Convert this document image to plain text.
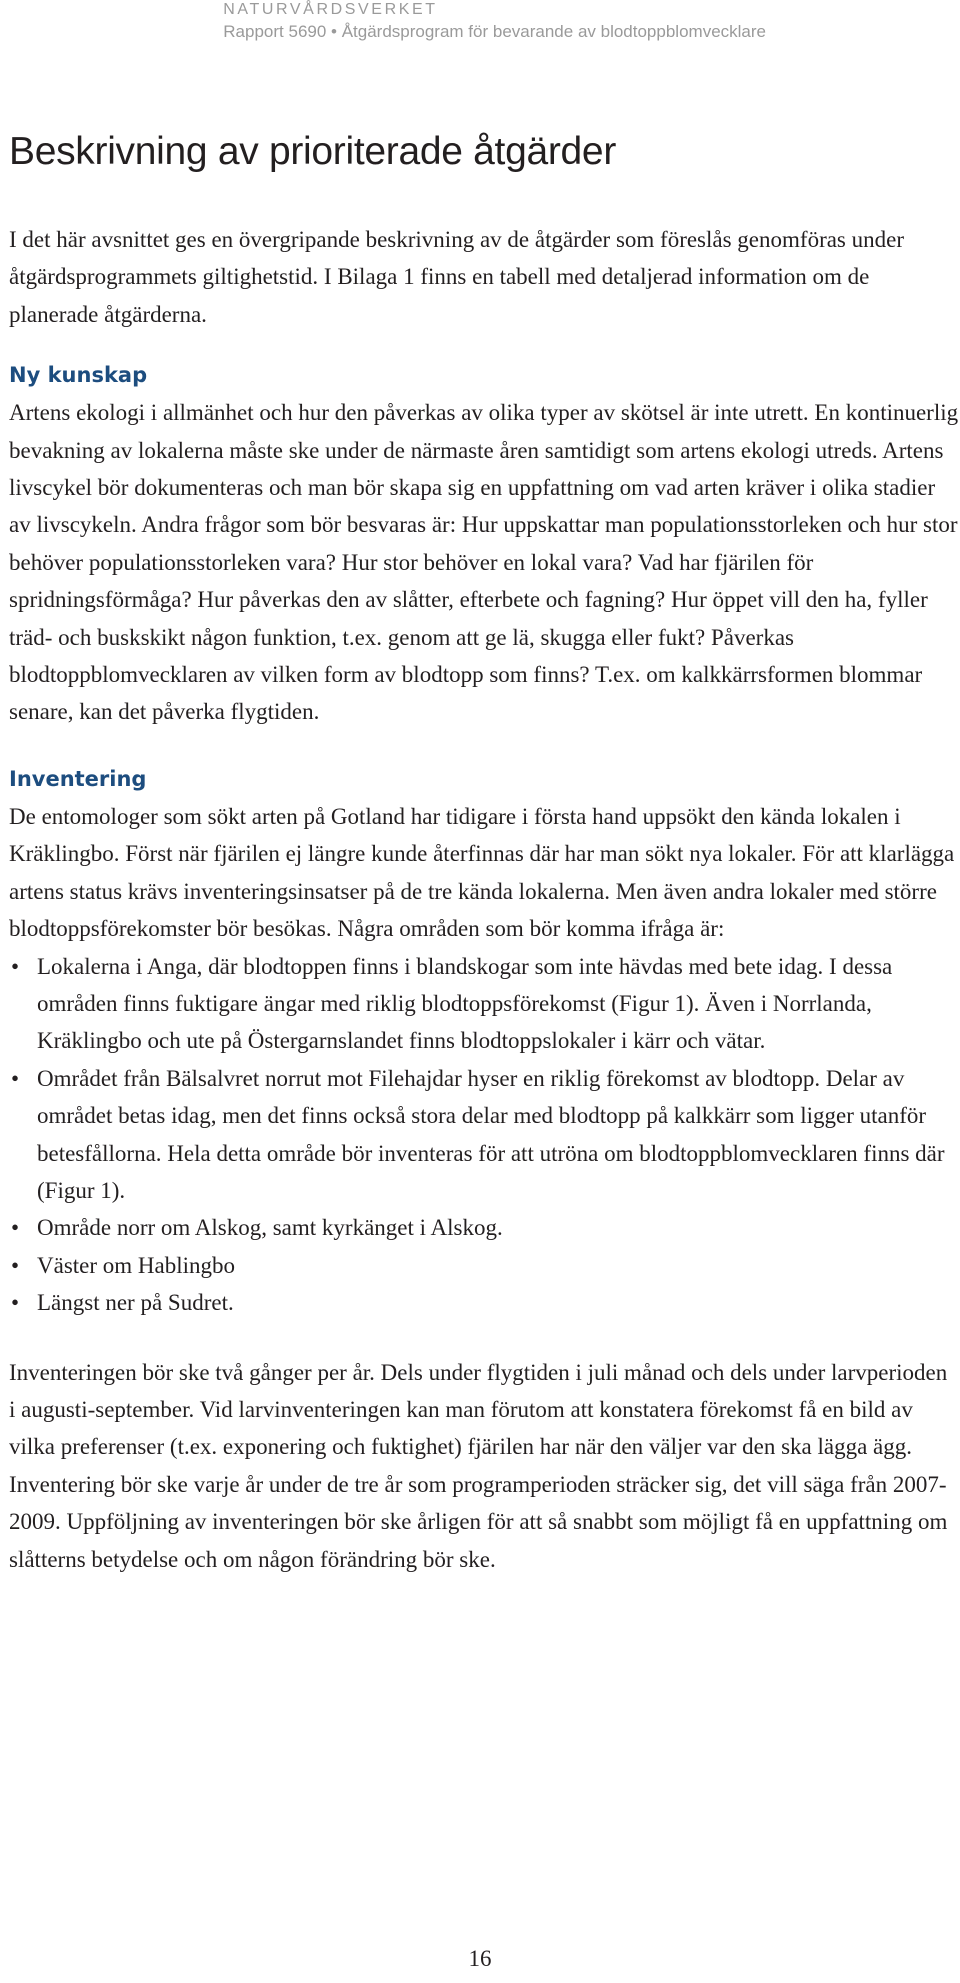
NATURVÅRDSVERKET
Rapport 5690 • Åtgärdsprogram för bevarande av blodtoppblomvecklare
Beskrivning av prioriterade åtgärder

I det här avsnittet ges en övergripande beskrivning av de åtgärder som föreslås genomföras under åtgärdsprogrammets giltighetstid. I Bilaga 1 finns en tabell med detaljerad information om de planerade åtgärderna.

Ny kunskap

Artens ekologi i allmänhet och hur den påverkas av olika typer av skötsel är inte utrett. En kontinuerlig bevakning av lokalerna måste ske under de närmaste åren samtidigt som artens ekologi utreds. Artens livscykel bör dokumenteras och man bör skapa sig en uppfattning om vad arten kräver i olika stadier av livscykeln. Andra frågor som bör besvaras är: Hur uppskattar man populationsstorleken och hur stor behöver populationsstorleken vara? Hur stor behöver en lokal vara? Vad har fjärilen för spridningsförmåga? Hur påverkas den av slåtter, efterbete och fagning? Hur öppet vill den ha, fyller träd- och buskskikt någon funktion, t.ex. genom att ge lä, skugga eller fukt? Påverkas blodtoppblomvecklaren av vilken form av blodtopp som finns? T.ex. om kalkkärrsformen blommar senare, kan det påverka flygtiden.

Inventering

De entomologer som sökt arten på Gotland har tidigare i första hand uppsökt den kända lokalen i Kräklingbo. Först när fjärilen ej längre kunde återfinnas där har man sökt nya lokaler. För att klarlägga artens status krävs inventeringsinsatser på de tre kända lokalerna. Men även andra lokaler med större blodtoppsförekomster bör besökas. Några områden som bör komma ifråga är:

• Lokalerna i Anga, där blodtoppen finns i blandskogar som inte hävdas med bete idag. I dessa områden finns fuktigare ängar med riklig blodtoppsförekomst (Figur 1). Även i Norrlanda, Kräklingbo och ute på Östergarnslandet finns blodtoppslokaler i kärr och vätar.
• Området från Bälsalvret norrut mot Filehajdar hyser en riklig förekomst av blodtopp. Delar av området betas idag, men det finns också stora delar med blodtopp på kalkkärr som ligger utanför betesfållorna. Hela detta område bör inventeras för att utröna om blodtoppblomvecklaren finns där (Figur 1).
• Område norr om Alskog, samt kyrkänget i Alskog.
• Väster om Hablingbo
• Längst ner på Sudret.

Inventeringen bör ske två gånger per år. Dels under flygtiden i juli månad och dels under larvperioden i augusti-september. Vid larvinventeringen kan man förutom att konstatera förekomst få en bild av vilka preferenser (t.ex. exponering och fuktighet) fjärilen har när den väljer var den ska lägga ägg. Inventering bör ske varje år under de tre år som programperioden sträcker sig, det vill säga från 2007-2009. Uppföljning av inventeringen bör ske årligen för att så snabbt som möjligt få en uppfattning om slåtterns betydelse och om någon förändring bör ske.

16
